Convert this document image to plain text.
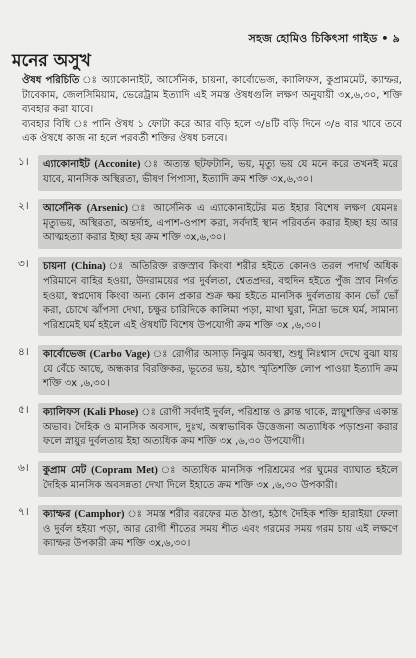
সহজ হোমিও চিকিৎসা গাইড • ৯
মনের অসুখ

ঔষধ পরিচিতি ঃ অ্যাকোনাইট, আর্সেনিক, চায়না, কার্বোভেজ, ক্যালিফস, কুপ্রামমেট, ক্যাম্ফর, টাবেকাম, জেলসিমিয়াম, ভেরেট্রাম ইত্যাদি এই সমস্ত ঔষধগুলি লক্ষণ অনুযায়ী ৩x,৬,৩০, শক্তি ব্যবহার করা যাবে।

ব্যবহার বিধি ঃ পানি ঔষধ ১ ফোটা করে আর বড়ি হলে ৩/৪টি বড়ি দিনে ৩/৪ বার খাবে তবে এক ঔষধে কাজ না হলে পরবর্তী শক্তির ঔষধ চলবে।

১।	এ্যাকোনাইট (Acconite) ঃ অত্যন্ত ছটফটানি, ভয়, মৃত্যু ভয় যে মনে করে তখনই মরে যাবে, মানসিক অস্থিরতা, ভীষণ পিপাসা, ইত্যাদি ক্রম শক্তি ৩x,৬,৩০।

২।	আর্সেনিক (Arsenic) ঃ আর্সেনিক এ এ্যাকোনাইটের মত ইহার বিশেষ লক্ষণ যেমনঃ মৃত্যুভয়, অস্থিরতা, অন্তর্দাহ, এপাশ-ওপাশ করা, সর্বদাই স্থান পরিবর্তন করার ইচ্ছা হয় আর আত্মহত্যা করার ইচ্ছা হয় ক্রম শক্তি ৩x,৬,৩০।

৩।	চায়না (China) ঃ অতিরিক্ত রক্তস্রাব কিংবা শরীর হইতে কোনও তরল পদার্থ অধিক পরিমানে বাহির হওয়া, উদরাময়ের পর দুর্বলতা, শ্বেতপ্রদর, বহুদিন হইতে পুঁজ স্রাব নির্গত হওয়া, স্বপ্নদোষ কিংবা অন্য কোন প্রকার শুক্র ক্ষয় হইতে মানসিক দুর্বলতায় কান ভোঁ ভোঁ করা, চোখে ঝাঁপসা দেখা, চক্ষুর চারিদিকে কালিমা পড়া, মাথা ঘুরা, নিদ্রা ভঙ্গে ঘর্ম, সামান্য পরিশ্রমেই ঘর্ম হইলে এই ঔষধটি বিশেষ উপযোগী ক্রম শক্তি ৩x ,৬,৩০।

৪।	কার্বোভেজ (Carbo Vage) ঃ রোগীর অসাড় নিঝুম অবস্থা, শুধু নিঃশ্বাস দেখে বুঝা যায় যে বেঁচে আছে, অন্ধকার বিরক্তিকর, ভূতের ভয়, হঠাৎ স্মৃতিশক্তি লোপ পাওয়া ইত্যাদি ক্রম শক্তি ৩x ,৬,৩০।

৫।	ক্যালিফস (Kali Phose) ঃ রোগী সর্বদাই দুর্বল, পরিশ্রান্ত ও ক্লান্ত থাকে, স্নায়ুশক্তির একান্ত অভাব। দৈহিক ও মানসিক অবসাদ, দুঃখ, অস্বাভাবিক উত্তেজনা অত্যাধিক পড়াশুনা করার ফলে স্নায়ুর দুর্বলতায় ইহা অত্যধিক ক্রম শক্তি ৩x ,৬,৩০ উপযোগী।

৬।	কুপ্রাম মেট (Copram Met) ঃ অত্যধিক মানসিক পরিশ্রমের পর ঘুমের ব্যাঘাত হইলে দৈহিক মানসিক অবসন্নতা দেখা দিলে ইহাতে ক্রম শক্তি ৩x ,৬,৩০ উপকারী।

৭।	ক্যাম্ফর (Camphor) ঃ সমস্ত শরীর বরফের মত ঠাণ্ডা, হঠাৎ দৈহিক শক্তি হারাইয়া ফেলা ও দুর্বল হইয়া পড়া, আর রোগী শীতের সময় শীত এবং গরমের সময় গরম চায় এই লক্ষণে ক্যাম্ফর উপকারী ক্রম শক্তি ৩x,৬,৩০।
